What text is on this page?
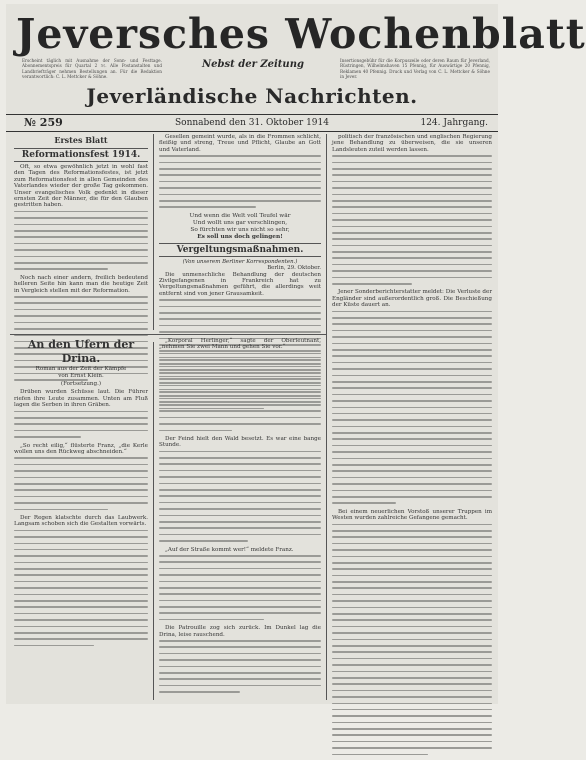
Jeversches Wochenblatt
Erscheint täglich mit Ausnahme der Sonn- und Festtage. Abonnementspreis für Quartal 2 ℳ. Alle Postanstalten und Landbriefträger nehmen Bestellungen an. Für die Redaktion verantwortlich: C. L. Mettcker & Söhne.
Insertionsgebühr für die Korpuszeile oder deren Raum für Jeverland, Rüstringen, Wilhelmshaven 15 Pfennig, für Auswärtige 20 Pfennig, Reklamen 40 Pfennig. Druck und Verlag von C. L. Mettcker & Söhne in Jever.
Nebst der Zeitung
Jeverländische Nachrichten.
№ 259	Sonnabend den 31. Oktober 1914	124. Jahrgang.
Erstes Blatt
Reformationsfest 1914.

Oft, so etwa gewöhnlich jetzt in wohl fast den Tagen des Reformationsfestes, ist jetzt zum Reformationsfest in allen Gemeinden des Vaterlandes wieder der große Tag gekommen. Unser evangelisches Volk gedenkt in dieser ernsten Zeit der Männer, die für den Glauben gestritten haben.

Noch nach einer andern, freilich bedeutend helleren Seite hin kann man die heutige Zeit in Vergleich stellen mit der Reformation.

Gesellen gemeint wurde, als in die Frommen schlicht, fleißig und streng, Treue und Pflicht, Glaube an Gott und Vaterland.

Und wenn die Welt voll Teufel wär
Und wollt uns gar verschlingen,
So fürchten wir uns nicht so sehr,
Es soll uns doch gelingen!
Vergeltungsmaßnahmen.
(Von unserem Berliner Korrespondenten.)
Berlin, 29. Oktober.

Die unmenschliche Behandlung der deutschen Zivilgefangenen in Frankreich hat zu Vergeltungsmaßnahmen geführt, die allerdings weit entfernt sind von jener Grausamkeit.

politisch der französischen und englischen Regierung jene Behandlung zu überweisen, die sie unseren Landsleuten zuteil werden lassen.

Jener Sonderberichterstatter meldet: Die Verluste der Engländer sind außerordentlich groß. Die Beschießung der Küste dauert an.

Bei einem neuerlichen Vorstoß unserer Truppen im Westen wurden zahlreiche Gefangene gemacht.

An den Ufern der Drina.
Roman aus der Zeit der Kämpfe
von Ernst Klein.
(Fortsetzung.)

Drüben wurden Schüsse laut. Die Führer riefen ihre Leute zusammen. Unten am Fluß lagen die Serben in ihren Gräben.

„So recht eilig,“ flüsterte Franz, „die Kerle wollen uns den Rückweg abschneiden.“

Der Regen klatschte durch das Laubwerk. Langsam schoben sich die Gestalten vorwärts.

„Korporal Herlinger,“ sagte der Oberleutnant, „nehmen Sie zwei Mann und gehen Sie vor.“

Der Feind hielt den Wald besetzt. Es war eine bange Stunde.

„Auf der Straße kommt wer!“ meldete Franz.

Die Patrouille zog sich zurück. Im Dunkel lag die Drina, leise rauschend.
